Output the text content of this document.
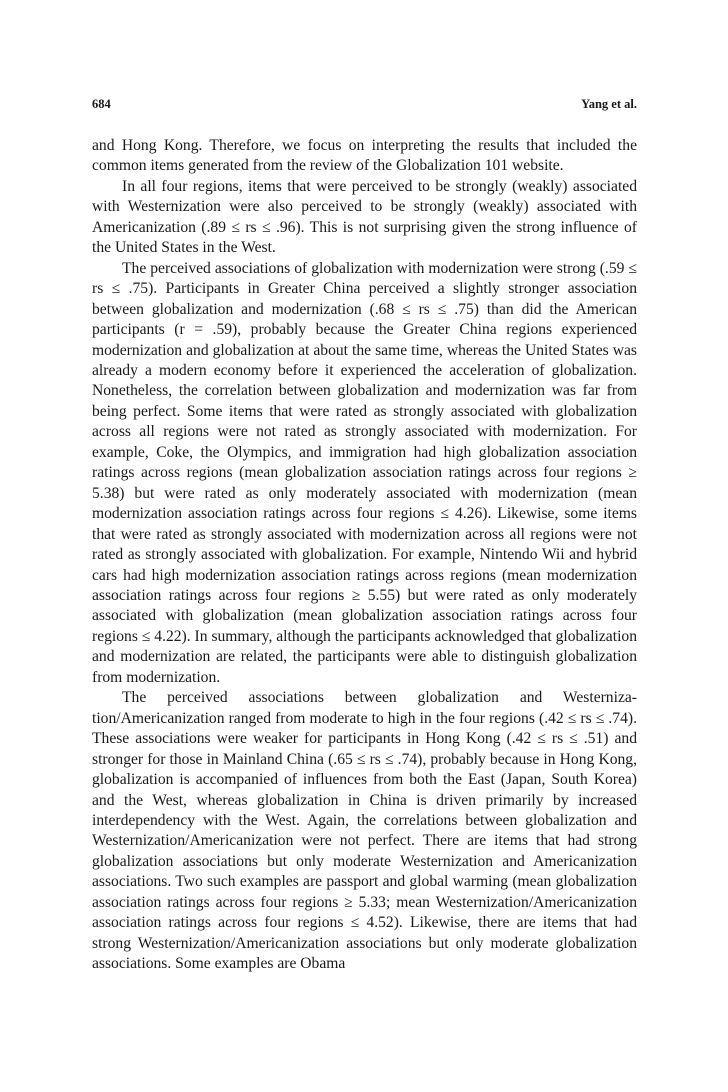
684	Yang et al.

and Hong Kong. Therefore, we focus on interpreting the results that included the common items generated from the review of the Globalization 101 website.

In all four regions, items that were perceived to be strongly (weakly) associated with Westernization were also perceived to be strongly (weakly) associated with Americanization (.89 ≤ rs ≤ .96). This is not surprising given the strong influence of the United States in the West.

The perceived associations of globalization with modernization were strong (.59 ≤ rs ≤ .75). Participants in Greater China perceived a slightly stronger association between globalization and modernization (.68 ≤ rs ≤ .75) than did the American participants (r = .59), probably because the Greater China regions experienced modernization and globalization at about the same time, whereas the United States was already a modern economy before it experienced the acceleration of globalization. Nonetheless, the correlation between globalization and modernization was far from being perfect. Some items that were rated as strongly associated with globalization across all regions were not rated as strongly associated with modernization. For example, Coke, the Olympics, and immigration had high globalization association ratings across regions (mean globalization association ratings across four regions ≥ 5.38) but were rated as only moderately associated with modernization (mean modernization association ratings across four regions ≤ 4.26). Likewise, some items that were rated as strongly associated with modernization across all regions were not rated as strongly associated with globalization. For example, Nintendo Wii and hybrid cars had high modernization association ratings across regions (mean modernization association ratings across four regions ≥ 5.55) but were rated as only moderately associated with globalization (mean globalization association ratings across four regions ≤ 4.22). In summary, although the participants acknowledged that globalization and modernization are related, the participants were able to distinguish globalization from modernization.

The perceived associations between globalization and Westernization/Americanization ranged from moderate to high in the four regions (.42 ≤ rs ≤ .74). These associations were weaker for participants in Hong Kong (.42 ≤ rs ≤ .51) and stronger for those in Mainland China (.65 ≤ rs ≤ .74), probably because in Hong Kong, globalization is accompanied of influences from both the East (Japan, South Korea) and the West, whereas globalization in China is driven primarily by increased interdependency with the West. Again, the correlations between globalization and Westernization/Americanization were not perfect. There are items that had strong globalization associations but only moderate Westernization and Americanization associations. Two such examples are passport and global warming (mean globalization association ratings across four regions ≥ 5.33; mean Westernization/Americanization association ratings across four regions ≤ 4.52). Likewise, there are items that had strong Westernization/Americanization associations but only moderate globalization associations. Some examples are Obama
